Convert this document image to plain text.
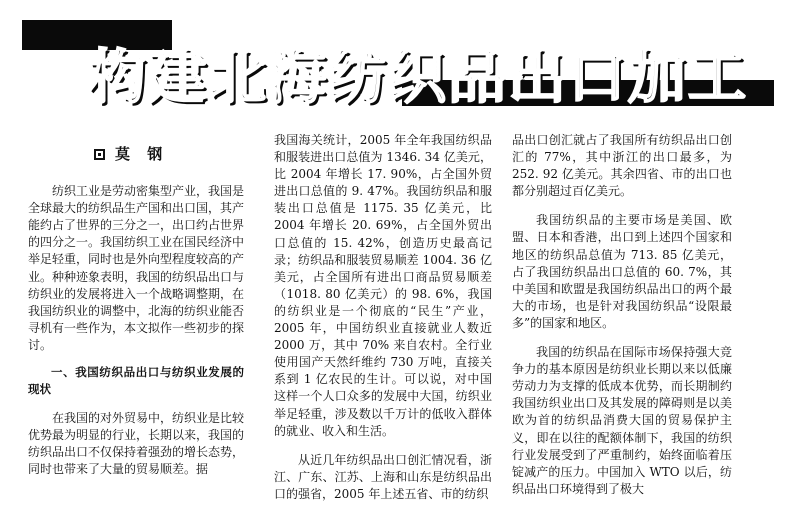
构建北海纺织品出口加工
莫 钢

纺织工业是劳动密集型产业，我国是全球最大的纺织品生产国和出口国，其产能约占了世界的三分之一，出口约占世界的四分之一。我国纺织工业在国民经济中举足轻重，同时也是外向型程度较高的产业。种种迹象表明，我国的纺织品出口与纺织业的发展将进入一个战略调整期，在我国纺织业的调整中，北海的纺织业能否寻机有一些作为，本文拟作一些初步的探讨。

一、我国纺织品出口与纺织业发展的现状

在我国的对外贸易中，纺织业是比较优势最为明显的行业，长期以来，我国的纺织品出口不仅保持着强劲的增长态势，同时也带来了大量的贸易顺差。据

我国海关统计，2005 年全年我国纺织品和服装进出口总值为 1346. 34 亿美元，比 2004 年增长 17. 90%，占全国外贸进出口总值的 9. 47%。我国纺织品和服装出口总值是 1175. 35 亿美元，比 2004 年增长 20. 69%，占全国外贸出口总值的 15. 42%，创造历史最高记录；纺织品和服装贸易顺差 1004. 36 亿美元，占全国所有进出口商品贸易顺差（1018. 80 亿美元）的 98. 6%，我国的纺织业是一个彻底的“民生”产业，2005 年，中国纺织业直接就业人数近 2000 万，其中 70% 来自农村。全行业使用国产天然纤维约 730 万吨，直接关系到 1 亿农民的生计。可以说，对中国这样一个人口众多的发展中大国，纺织业举足轻重，涉及数以千万计的低收入群体的就业、收入和生活。

从近几年纺织品出口创汇情况看，浙江、广东、江苏、上海和山东是纺织品出口的强省，2005 年上述五省、市的纺织

品出口创汇就占了我国所有纺织品出口创汇的 77%，其中浙江的出口最多，为 252. 92 亿美元。其余四省、市的出口也都分别超过百亿美元。

我国纺织品的主要市场是美国、欧盟、日本和香港，出口到上述四个国家和地区的纺织品总值为 713. 85 亿美元，占了我国纺织品出口总值的 60. 7%，其中美国和欧盟是我国纺织品出口的两个最大的市场，也是针对我国纺织品“设限最多”的国家和地区。

我国的纺织品在国际市场保持强大竞争力的基本原因是纺织业长期以来以低廉劳动力为支撑的低成本优势，而长期制约我国纺织业出口及其发展的障碍则是以美欧为首的纺织品消费大国的贸易保护主义，即在以往的配额体制下，我国的纺织行业发展受到了严重制约，始终面临着压锭减产的压力。中国加入 WTO 以后，纺织品出口环境得到了极大
